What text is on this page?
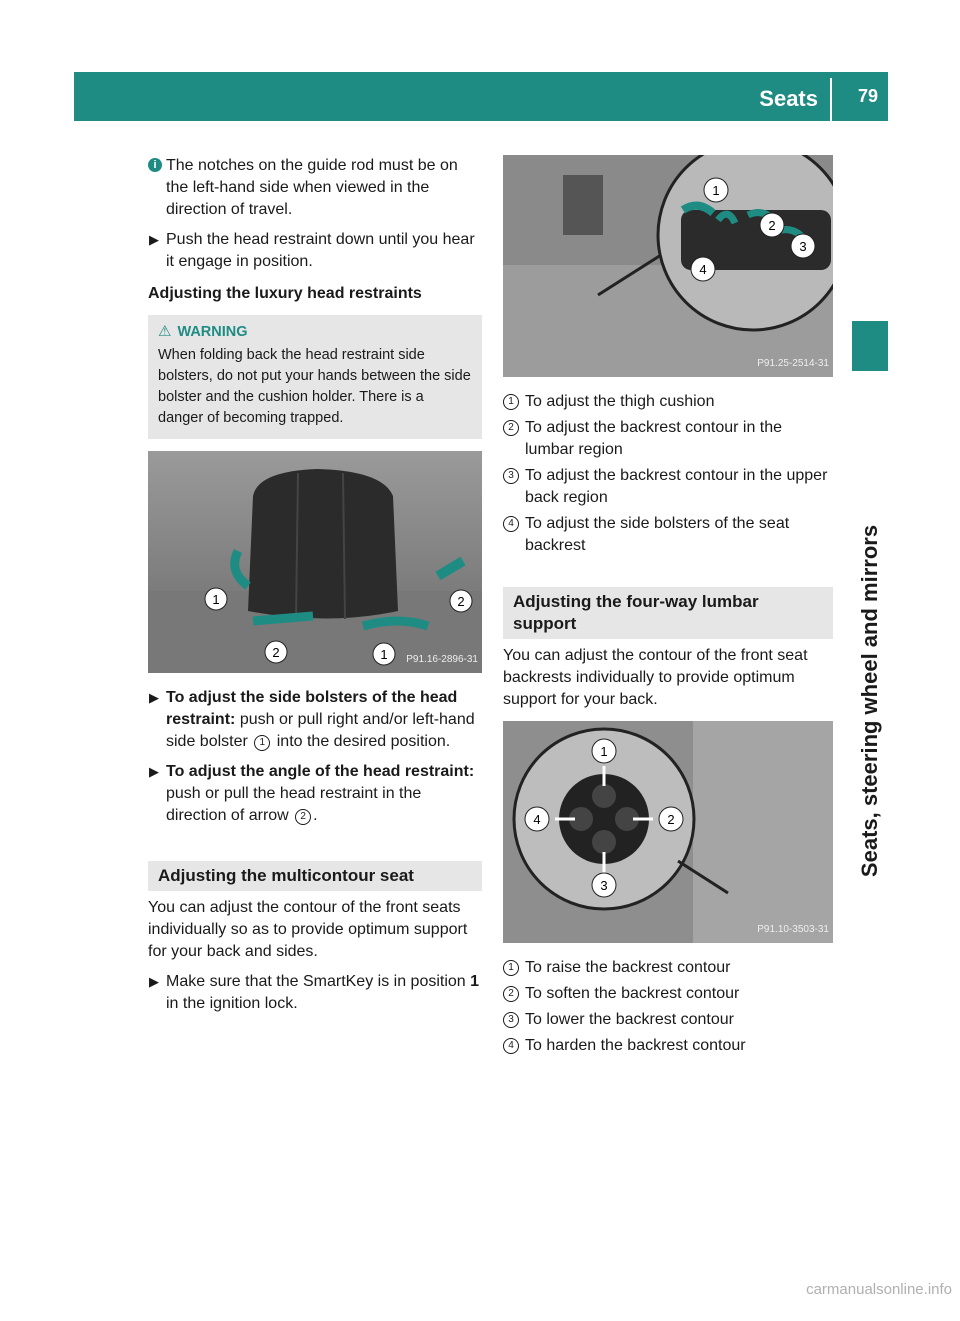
Seats 79
Seats, steering wheel and mirrors
i The notches on the guide rod must be on the left-hand side when viewed in the direction of travel.

▶ Push the head restraint down until you hear it engage in position.

Adjusting the luxury head restraints

⚠ WARNING

When folding back the head restraint side bolsters, do not put your hands between the side bolster and the cushion holder. There is a danger of becoming trapped.

1	2
2	1 P91.16-2896-31
▶ To adjust the side bolsters of the head restraint: push or pull right and/or left-hand side bolster 1 into the desired position.

▶ To adjust the angle of the head restraint: push or pull the head restraint in the direction of arrow 2 .

Adjusting the multicontour seat

You can adjust the contour of the front seats individually so as to provide optimum support for your back and sides.

▶ Make sure that the SmartKey is in position 1 in the ignition lock.

1
2
3
4
P91.25-2514-31
1 To adjust the thigh cushion

2 To adjust the backrest contour in the lumbar region

3 To adjust the backrest contour in the upper back region

4 To adjust the side bolsters of the seat backrest

Adjusting the four-way lumbar support

You can adjust the contour of the front seat backrests individually to provide optimum support for your back.

1
2
3
4
P91.10-3503-31
1 To raise the backrest contour

2 To soften the backrest contour

3 To lower the backrest contour

4 To harden the backrest contour

carmanualsonline.info
